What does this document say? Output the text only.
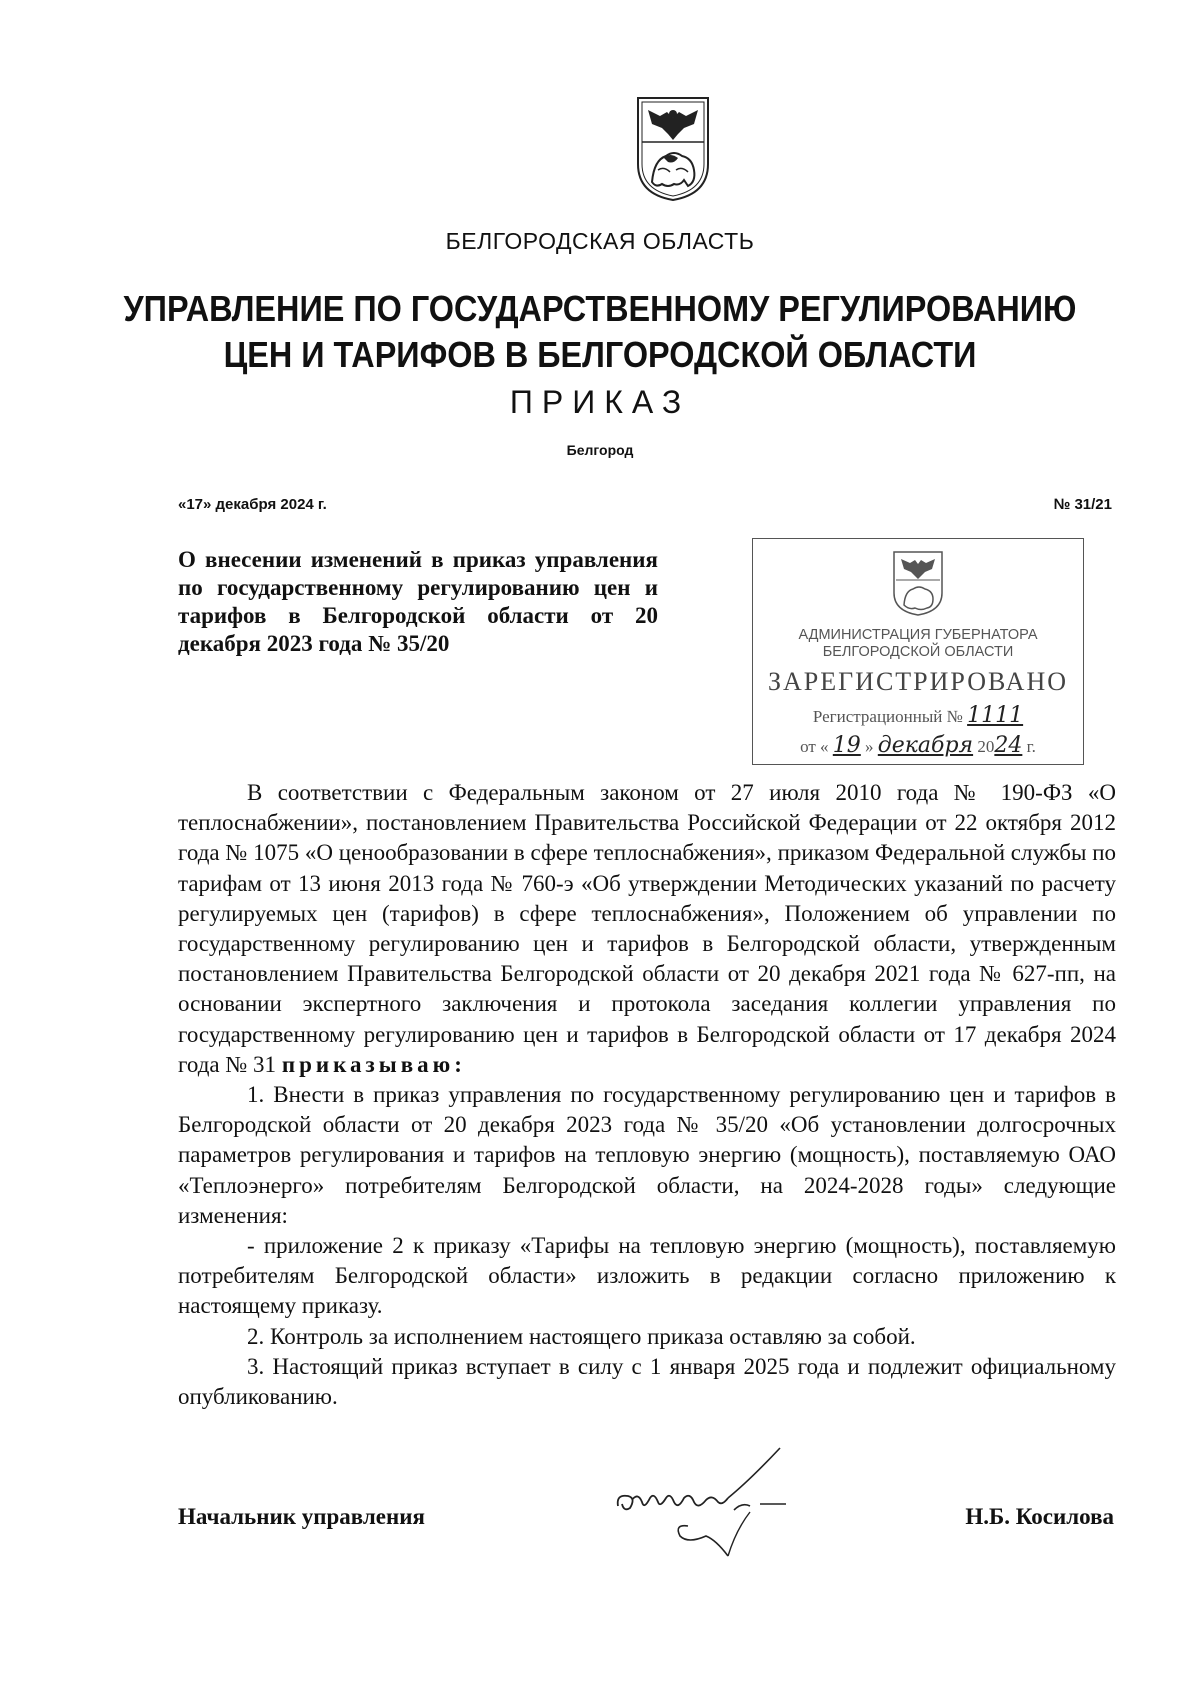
БЕЛГОРОДСКАЯ ОБЛАСТЬ
УПРАВЛЕНИЕ ПО ГОСУДАРСТВЕННОМУ РЕГУЛИРОВАНИЮ
ЦЕН И ТАРИФОВ В БЕЛГОРОДСКОЙ ОБЛАСТИ
ПРИКАЗ
Белгород
«17» декабря 2024 г.	№ 31/21
О внесении изменений в приказ управления по государственному регулированию цен и тарифов в Белгородской области от 20 декабря 2023 года № 35/20	АДМИНИСТРАЦИЯ ГУБЕРНАТОРА
БЕЛГОРОДСКОЙ ОБЛАСТИ
ЗАРЕГИСТРИРОВАНО
Регистрационный № 1111
от « 19 » декабря 2024 г.

В соответствии с Федеральным законом от 27 июля 2010 года № 190-ФЗ «О теплоснабжении», постановлением Правительства Российской Федерации от 22 октября 2012 года № 1075 «О ценообразовании в сфере теплоснабжения», приказом Федеральной службы по тарифам от 13 июня 2013 года № 760-э «Об утверждении Методических указаний по расчету регулируемых цен (тарифов) в сфере теплоснабжения», Положением об управлении по государственному регулированию цен и тарифов в Белгородской области, утвержденным постановлением Правительства Белгородской области от 20 декабря 2021 года № 627-пп, на основании экспертного заключения и протокола заседания коллегии управления по государственному регулированию цен и тарифов в Белгородской области от 17 декабря 2024 года № 31 приказываю:

1. Внести в приказ управления по государственному регулированию цен и тарифов в Белгородской области от 20 декабря 2023 года № 35/20 «Об установлении долгосрочных параметров регулирования и тарифов на тепловую энергию (мощность), поставляемую ОАО «Теплоэнерго» потребителям Белгородской области, на 2024-2028 годы» следующие изменения:

- приложение 2 к приказу «Тарифы на тепловую энергию (мощность), поставляемую потребителям Белгородской области» изложить в редакции согласно приложению к настоящему приказу.

2. Контроль за исполнением настоящего приказа оставляю за собой.

3. Настоящий приказ вступает в силу с 1 января 2025 года и подлежит официальному опубликованию.

Начальник управления	Н.Б. Косилова
